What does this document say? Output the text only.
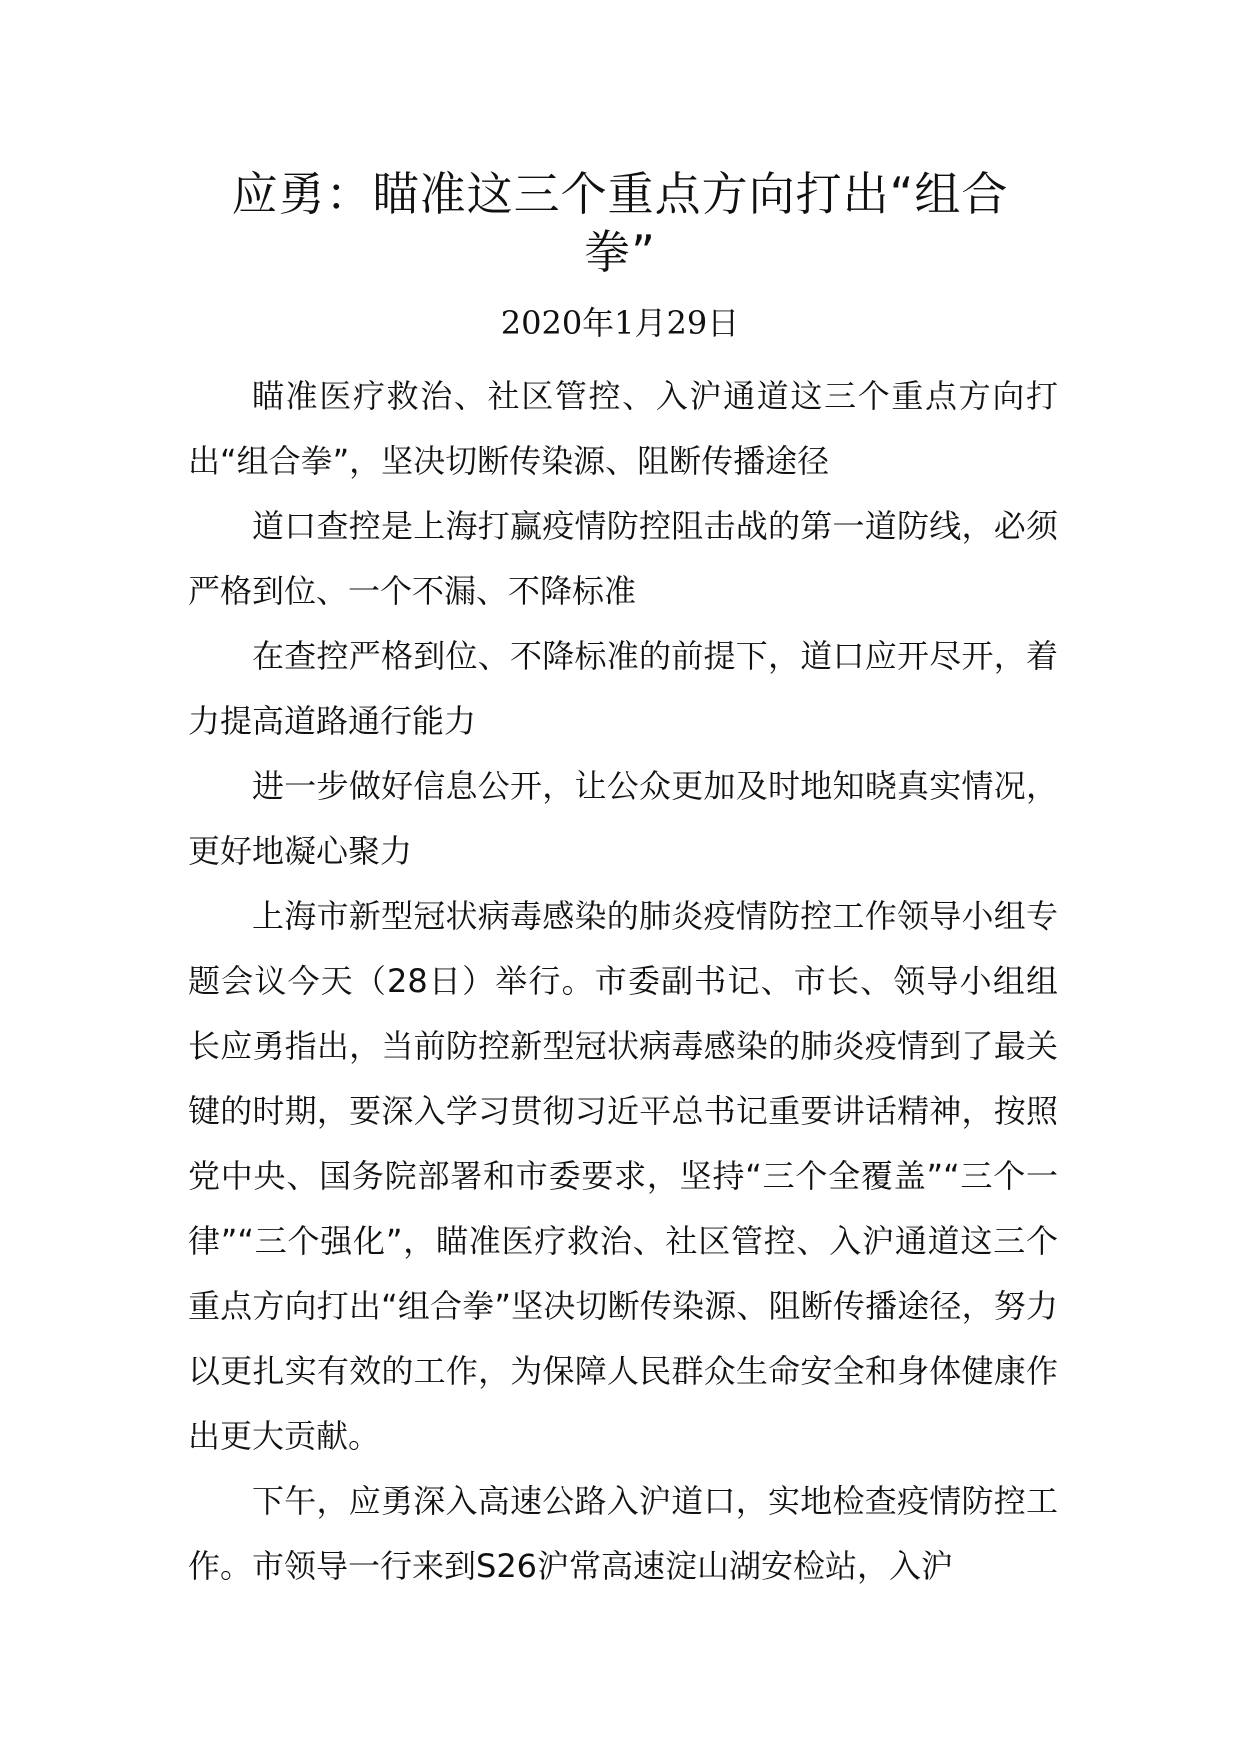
应勇：瞄准这三个重点方向打出“组合拳”

2020年1月29日

瞄准医疗救治、社区管控、入沪通道这三个重点方向打出“组合拳”，坚决切断传染源、阻断传播途径

道口查控是上海打赢疫情防控阻击战的第一道防线，必须严格到位、一个不漏、不降标准

在查控严格到位、不降标准的前提下，道口应开尽开，着力提高道路通行能力

进一步做好信息公开，让公众更加及时地知晓真实情况，更好地凝心聚力

上海市新型冠状病毒感染的肺炎疫情防控工作领导小组专题会议今天（28日）举行。市委副书记、市长、领导小组组长应勇指出，当前防控新型冠状病毒感染的肺炎疫情到了最关键的时期，要深入学习贯彻习近平总书记重要讲话精神，按照党中央、国务院部署和市委要求，坚持“三个全覆盖”“三个一律”“三个强化”，瞄准医疗救治、社区管控、入沪通道这三个重点方向打出“组合拳”坚决切断传染源、阻断传播途径，努力以更扎实有效的工作，为保障人民群众生命安全和身体健康作出更大贡献。

下午，应勇深入高速公路入沪道口，实地检查疫情防控工作。市领导一行来到S26沪常高速淀山湖安检站，入沪
